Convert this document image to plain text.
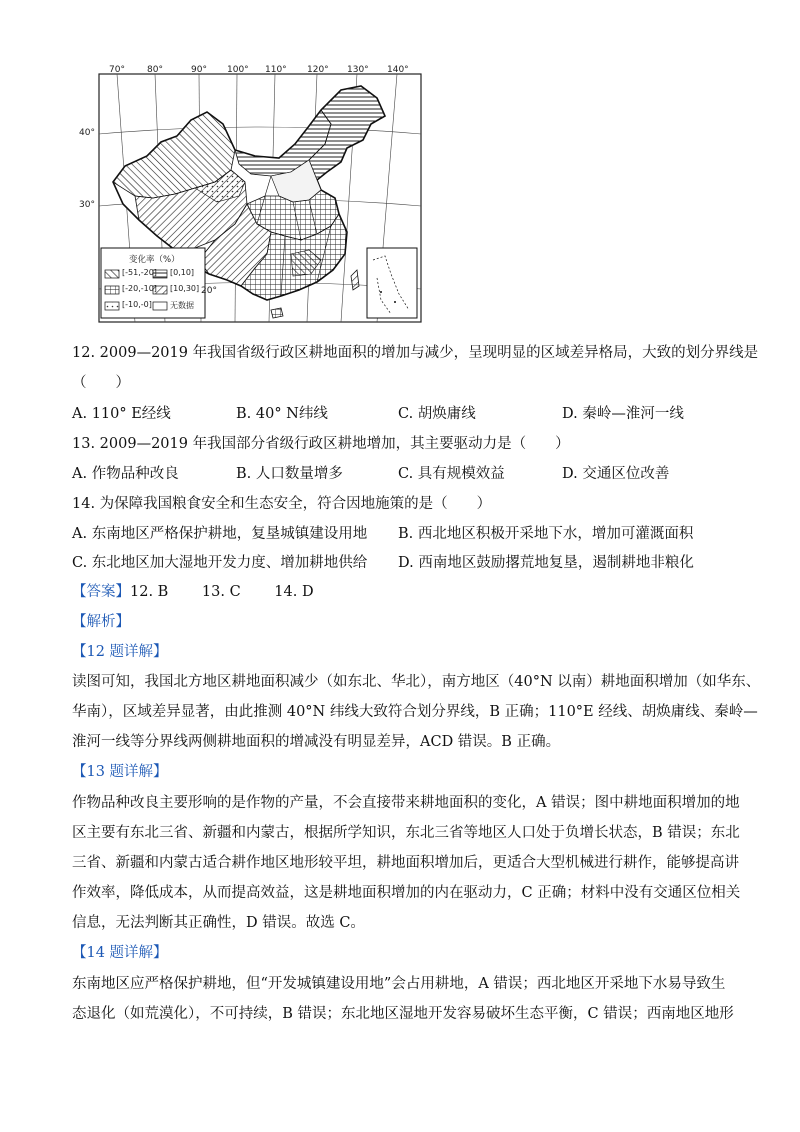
70° 80°	90° 100° 110° 120° 130° 140°
40°
30°
20°
变化率（%）
[-51,-20] [0,10]
[-20,-10] [10,30]
[-10,-0] 无数据
12. 2009—2019 年我国省级行政区耕地面积的增加与减少，呈现明显的区域差异格局，大致的划分界线是
（　　）
A. 110° E经线	B. 40° N纬线	C. 胡焕庸线	D. 秦岭—淮河一线
13. 2009—2019 年我国部分省级行政区耕地增加，其主要驱动力是（　　）
A. 作物品种改良	B. 人口数量增多	C. 具有规模效益	D. 交通区位改善
14. 为保障我国粮食安全和生态安全，符合因地施策的是（　　）
A. 东南地区严格保护耕地，复垦城镇建设用地 B. 西北地区积极开采地下水，增加可灌溉面积
C. 东北地区加大湿地开发力度、增加耕地供给 D. 西南地区鼓励撂荒地复垦，遏制耕地非粮化
【答案】12. B　　 13. C　　 14. D
【解析】
【12 题详解】
读图可知，我国北方地区耕地面积减少（如东北、华北），南方地区（40°N 以南）耕地面积增加（如华东、
华南），区域差异显著，由此推测 40°N 纬线大致符合划分界线，B 正确；110°E 经线、胡焕庸线、秦岭—
淮河一线等分界线两侧耕地面积的增减没有明显差异，ACD 错误。B 正确。
【13 题详解】
作物品种改良主要形响的是作物的产量，不会直接带来耕地面积的变化，A 错误；图中耕地面积增加的地
区主要有东北三省、新疆和内蒙古，根据所学知识，东北三省等地区人口处于负增长状态，B 错误；东北
三省、新疆和内蒙古适合耕作地区地形较平坦，耕地面积增加后，更适合大型机械进行耕作，能够提高讲
作效率，降低成本，从而提高效益，这是耕地面积增加的内在驱动力，C 正确；材料中没有交通区位相关
信息，无法判断其正确性，D 错误。故选 C。
【14 题详解】
东南地区应严格保护耕地，但“开发城镇建设用地”会占用耕地，A 错误；西北地区开采地下水易导致生
态退化（如荒漠化），不可持续，B 错误；东北地区湿地开发容易破坏生态平衡，C 错误；西南地区地形
